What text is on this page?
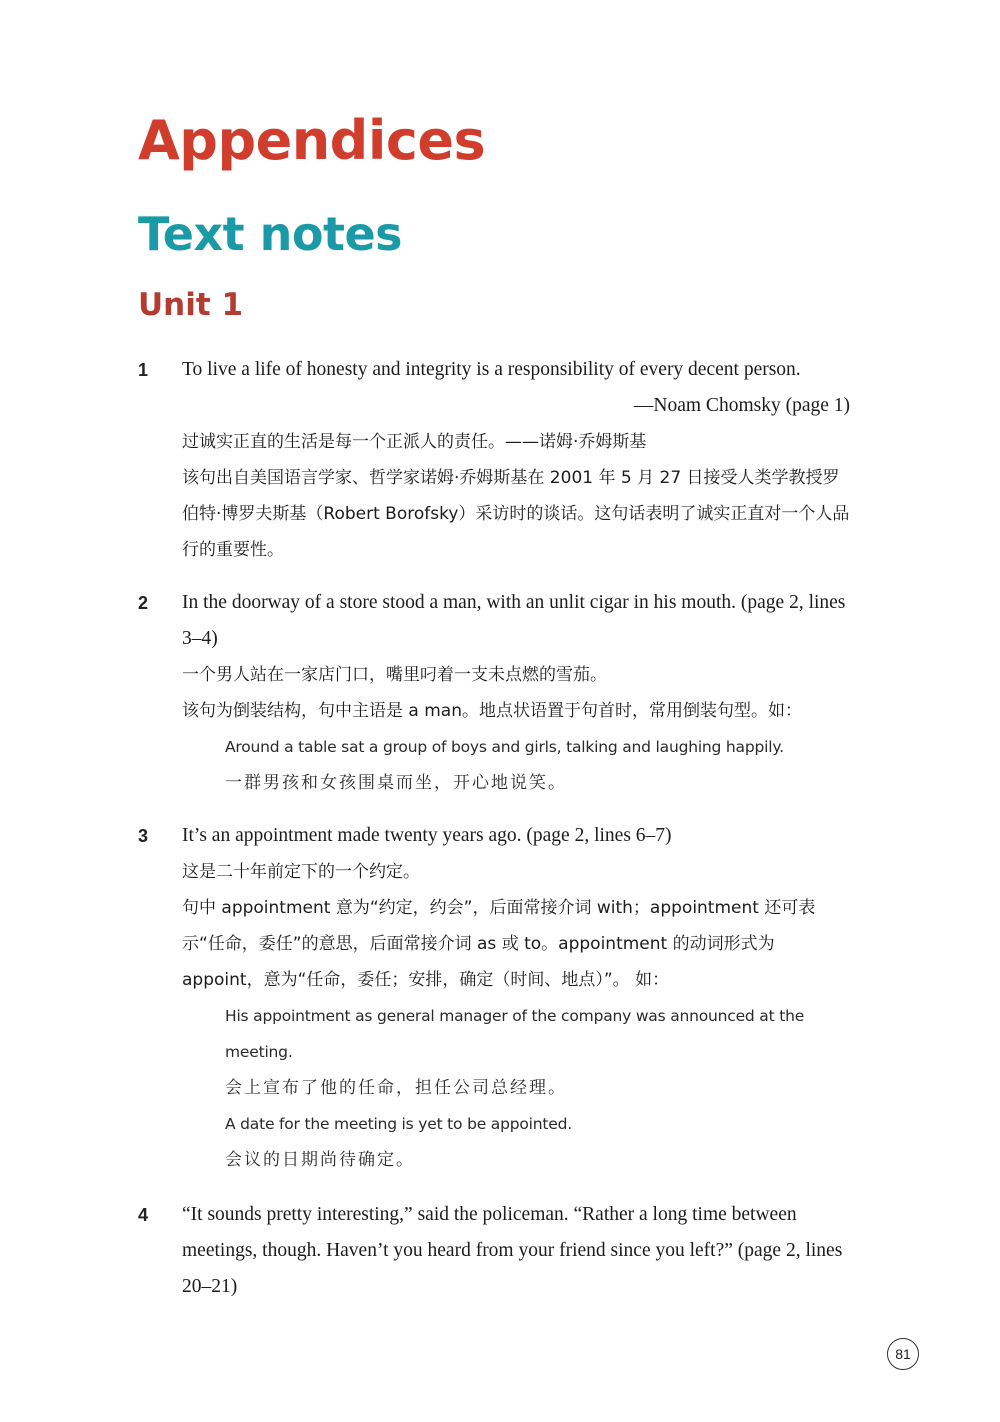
Appendices
Text notes
Unit 1
1 To live a life of honesty and integrity is a responsibility of every decent person.

—Noam Chomsky (page 1)

过诚实正直的生活是每一个正派人的责任。——诺姆·乔姆斯基

该句出自美国语言学家、哲学家诺姆·乔姆斯基在 2001 年 5 月 27 日接受人类学教授罗伯特·博罗夫斯基（Robert Borofsky）采访时的谈话。这句话表明了诚实正直对一个人品行的重要性。

2 In the doorway of a store stood a man, with an unlit cigar in his mouth. (page 2, lines 3–4)

一个男人站在一家店门口，嘴里叼着一支未点燃的雪茄。

该句为倒装结构，句中主语是 a man。地点状语置于句首时，常用倒装句型。如：

Around a table sat a group of boys and girls, talking and laughing happily.

一群男孩和女孩围桌而坐，开心地说笑。

3 It’s an appointment made twenty years ago. (page 2, lines 6–7)

这是二十年前定下的一个约定。

句中 appointment 意为“约定，约会”，后面常接介词 with；appointment 还可表示“任命，委任”的意思，后面常接介词 as 或 to。appointment 的动词形式为 appoint，意为“任命，委任；安排，确定（时间、地点）”。 如：

His appointment as general manager of the company was announced at the meeting.

会上宣布了他的任命，担任公司总经理。

A date for the meeting is yet to be appointed.

会议的日期尚待确定。

4 “It sounds pretty interesting,” said the policeman. “Rather a long time between meetings, though. Haven’t you heard from your friend since you left?” (page 2, lines 20–21)

81
